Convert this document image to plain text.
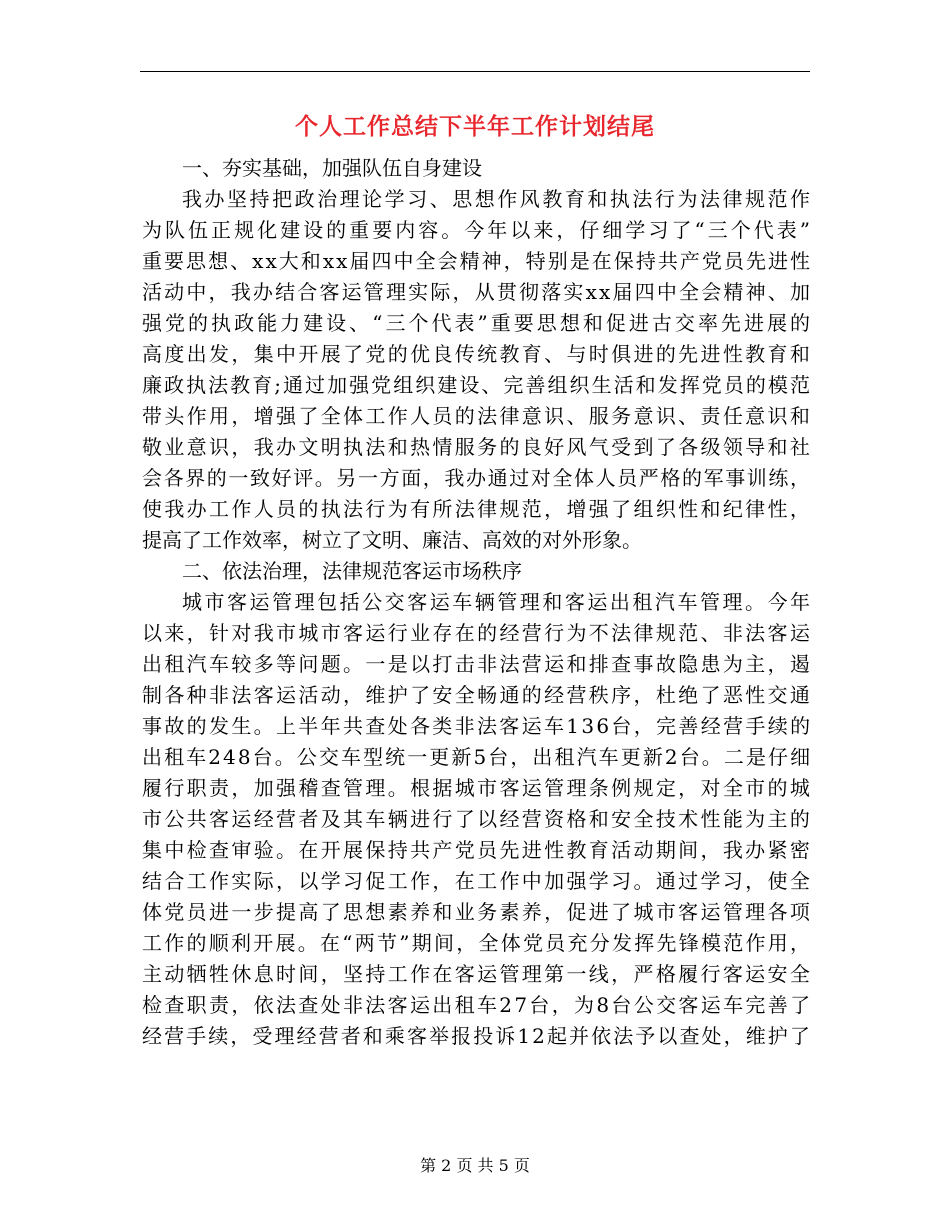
个人工作总结下半年工作计划结尾
一、夯实基础，加强队伍自身建设
我办坚持把政治理论学习、思想作风教育和执法行为法律规范作
为队伍正规化建设的重要内容。今年以来，仔细学习了“三个代表”
重要思想、xx大和xx届四中全会精神，特别是在保持共产党员先进性
活动中，我办结合客运管理实际，从贯彻落实xx届四中全会精神、加
强党的执政能力建设、“三个代表”重要思想和促进古交率先进展的
高度出发，集中开展了党的优良传统教育、与时俱进的先进性教育和
廉政执法教育;通过加强党组织建设、完善组织生活和发挥党员的模范
带头作用，增强了全体工作人员的法律意识、服务意识、责任意识和
敬业意识，我办文明执法和热情服务的良好风气受到了各级领导和社
会各界的一致好评。另一方面，我办通过对全体人员严格的军事训练，
使我办工作人员的执法行为有所法律规范，增强了组织性和纪律性，
提高了工作效率，树立了文明、廉洁、高效的对外形象。
二、依法治理，法律规范客运市场秩序
城市客运管理包括公交客运车辆管理和客运出租汽车管理。今年
以来，针对我市城市客运行业存在的经营行为不法律规范、非法客运
出租汽车较多等问题。一是以打击非法营运和排查事故隐患为主，遏
制各种非法客运活动，维护了安全畅通的经营秩序，杜绝了恶性交通
事故的发生。上半年共查处各类非法客运车136台，完善经营手续的
出租车248台。公交车型统一更新5台，出租汽车更新2台。二是仔细
履行职责，加强稽查管理。根据城市客运管理条例规定，对全市的城
市公共客运经营者及其车辆进行了以经营资格和安全技术性能为主的
集中检查审验。在开展保持共产党员先进性教育活动期间，我办紧密
结合工作实际，以学习促工作，在工作中加强学习。通过学习，使全
体党员进一步提高了思想素养和业务素养，促进了城市客运管理各项
工作的顺利开展。在“两节”期间，全体党员充分发挥先锋模范作用，
主动牺牲休息时间，坚持工作在客运管理第一线，严格履行客运安全
检查职责，依法查处非法客运出租车27台，为8台公交客运车完善了
经营手续，受理经营者和乘客举报投诉12起并依法予以查处，维护了
第 2 页 共 5 页
